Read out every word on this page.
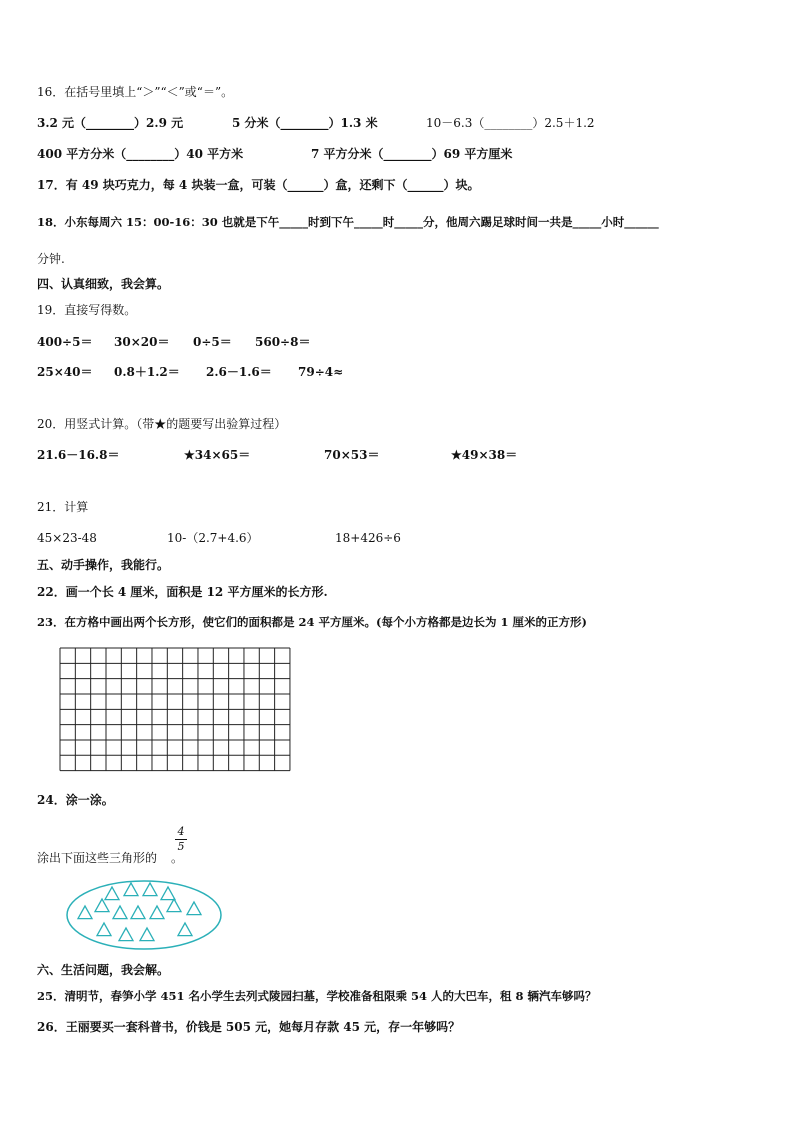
16．在括号里填上“＞”“＜”或“＝”。
3.2 元（________）2.9 元	5 分米（________）1.3 米	10－6.3（________）2.5＋1.2
400 平方分米（________）40 平方米	7 平方分米（________）69 平方厘米
17．有 49 块巧克力，每 4 块装一盒，可装（______）盒，还剩下（______）块。
18．小东每周六 15：00-16：30 也就是下午_____时到下午_____时_____分，他周六踢足球时间一共是_____小时______
分钟.
四、认真细致，我会算。
19．直接写得数。
400÷5＝ 30×20＝ 0÷5＝ 560÷8＝
25×40＝ 0.8＋1.2＝ 2.6－1.6＝ 79÷4≈
20．用竖式计算。（带★的题要写出验算过程）
21.6－16.8＝	★34×65＝	70×53＝	★49×38＝
21．计算
45×23-48	10-（2.7+4.6）	18+426÷6
五、动手操作，我能行。
22．画一个长 4 厘米，面积是 12 平方厘米的长方形.
23．在方格中画出两个长方形，使它们的面积都是 24 平方厘米。(每个小方格都是边长为 1 厘米的正方形)
24．涂一涂。
涂出下面这些三角形的 。
4
5
六、生活问题，我会解。
25．清明节，春笋小学 451 名小学生去列式陵园扫墓，学校准备租限乘 54 人的大巴车，租 8 辆汽车够吗？
26．王丽要买一套科普书，价钱是 505 元，她每月存款 45 元，存一年够吗？
